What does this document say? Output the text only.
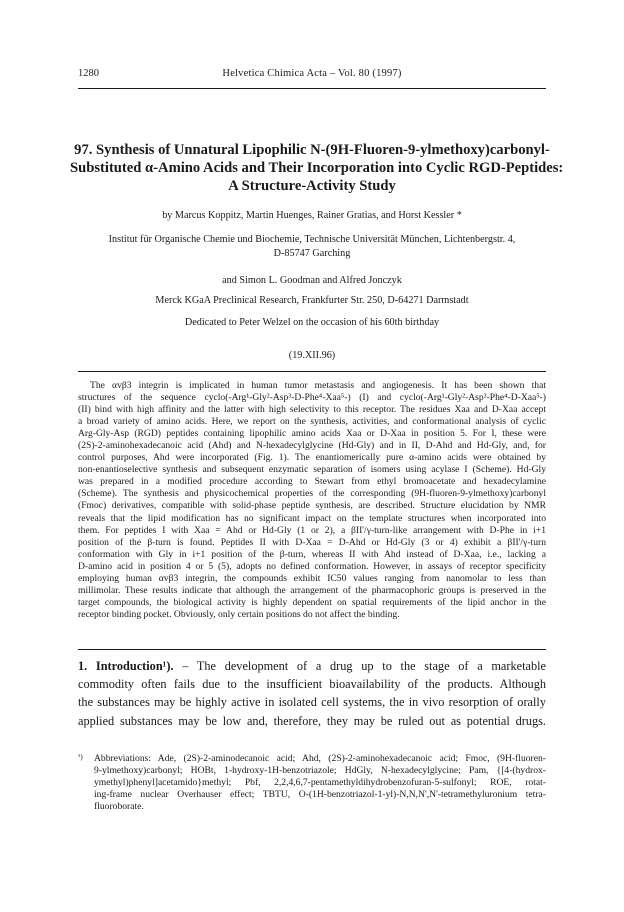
1280	Helvetica Chimica Acta – Vol. 80 (1997)
97. Synthesis of Unnatural Lipophilic N-(9H-Fluoren-9-ylmethoxy)carbonyl-
Substituted α-Amino Acids and Their Incorporation into Cyclic RGD-Peptides:
A Structure-Activity Study
by Marcus Koppitz, Martin Huenges, Rainer Gratias, and Horst Kessler *
Institut für Organische Chemie und Biochemie, Technische Universität München, Lichtenbergstr. 4,
D-85747 Garching
and Simon L. Goodman and Alfred Jonczyk
Merck KGaA Preclinical Research, Frankfurter Str. 250, D-64271 Darmstadt
Dedicated to Peter Welzel on the occasion of his 60th birthday
(19.XII.96)
The αvβ3 integrin is implicated in human tumor metastasis and angiogenesis. It has been shown that
structures of the sequence cyclo(-Arg¹-Gly²-Asp³-D-Phe⁴-Xaa⁵-) (I) and cyclo(-Arg¹-Gly²-Asp³-Phe⁴-D-Xaa⁵-)
(II) bind with high affinity and the latter with high selectivity to this receptor. The residues Xaa and D-Xaa accept
a broad variety of amino acids. Here, we report on the synthesis, activities, and conformational analysis of cyclic
Arg-Gly-Asp (RGD) peptides containing lipophilic amino acids Xaa or D-Xaa in position 5. For I, these were
(2S)-2-aminohexadecanoic acid (Ahd) and N-hexadecylglycine (Hd-Gly) and in II, D-Ahd and Hd-Gly, and, for
control purposes, Ahd were incorporated (Fig. 1). The enantiomerically pure α-amino acids were obtained by
non-enantioselective synthesis and subsequent enzymatic separation of isomers using acylase I (Scheme). Hd-Gly
was prepared in a modified procedure according to Stewart from ethyl bromoacetate and hexadecylamine
(Scheme). The synthesis and physicochemical properties of the corresponding (9H-fluoren-9-ylmethoxy)carbonyl
(Fmoc) derivatives, compatible with solid-phase peptide synthesis, are described. Structure elucidation by NMR
reveals that the lipid modification has no significant impact on the template structures when incorporated into
them. For peptides I with Xaa = Ahd or Hd-Gly (1 or 2), a βII'/γ-turn-like arrangement with D-Phe in i+1
position of the β-turn is found. Peptides II with D-Xaa = D-Ahd or Hd-Gly (3 or 4) exhibit a βII'/γ-turn
conformation with Gly in i+1 position of the β-turn, whereas II with Ahd instead of D-Xaa, i.e., lacking a
D-amino acid in position 4 or 5 (5), adopts no defined conformation. However, in assays of receptor specificity
employing human αvβ3 integrin, the compounds exhibit IC50 values ranging from nanomolar to less than
millimolar. These results indicate that although the arrangement of the pharmacophoric groups is preserved in the
target compounds, the biological activity is highly dependent on spatial requirements of the lipid anchor in the
receptor binding pocket. Obviously, only certain positions do not affect the binding.
1. Introduction¹). – The development of a drug up to the stage of a marketable
commodity often fails due to the insufficient bioavailability of the products. Although
the substances may be highly active in isolated cell systems, the in vivo resorption of orally
applied substances may be low and, therefore, they may be ruled out as potential drugs.
¹)	Abbreviations: Ade, (2S)-2-aminodecanoic acid; Ahd, (2S)-2-aminohexadecanoic acid; Fmoc, (9H-fluoren-
9-ylmethoxy)carbonyl; HOBt, 1-hydroxy-1H-benzotriazole; HdGly, N-hexadecylglycine; Pam, {[4-(hydrox-
ymethyl)phenyl]acetamido}methyl; Pbf, 2,2,4,6,7-pentamethyldihydrobenzofuran-5-sulfonyl; ROE, rotat-
ing-frame nuclear Overhauser effect; TBTU, O-(1H-benzotriazol-1-yl)-N,N,N',N'-tetramethyluronium tetra-
fluoroborate.
